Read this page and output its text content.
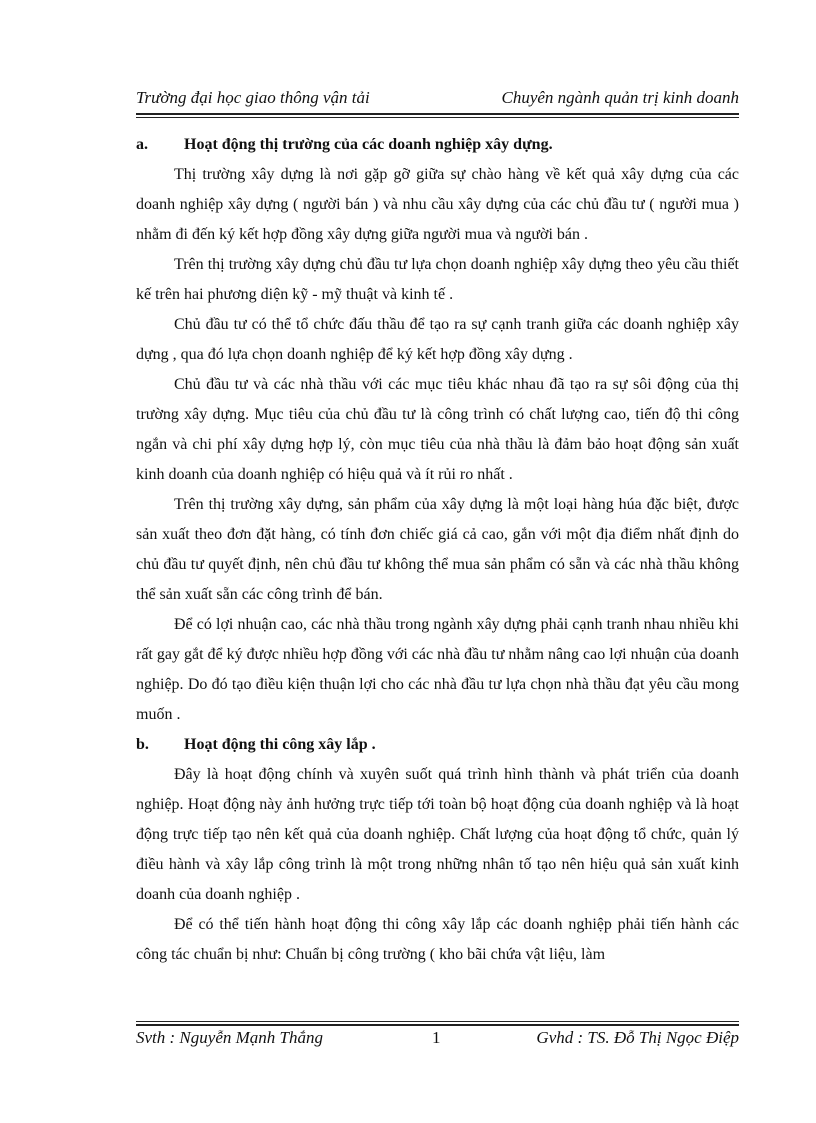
Trường đại học giao thông vận tải	Chuyên ngành quản trị kinh doanh
a. Hoạt động thị trường của các doanh nghiệp xây dựng.

Thị trường xây dựng là nơi gặp gỡ giữa sự chào hàng về kết quả xây dựng của các doanh nghiệp xây dựng ( người bán ) và nhu cầu xây dựng của các chủ đầu tư ( người mua ) nhằm đi đến ký kết hợp đồng xây dựng giữa người mua và người bán .

Trên thị trường xây dựng chủ đầu tư lựa chọn doanh nghiệp xây dựng theo yêu cầu thiết kế trên hai phương diện kỹ - mỹ thuật và kinh tế .

Chủ đầu tư có thể tổ chức đấu thầu để tạo ra sự cạnh tranh giữa các doanh nghiệp xây dựng , qua đó lựa chọn doanh nghiệp để ký kết hợp đồng xây dựng .

Chủ đầu tư và các nhà thầu với các mục tiêu khác nhau đã tạo ra sự sôi động của thị trường xây dựng. Mục tiêu của chủ đầu tư là công trình có chất lượng cao, tiến độ thi công ngắn và chi phí xây dựng hợp lý, còn mục tiêu của nhà thầu là đảm bảo hoạt động sản xuất kinh doanh của doanh nghiệp có hiệu quả và ít rủi ro nhất .

Trên thị trường xây dựng, sản phẩm của xây dựng là một loại hàng húa đặc biệt, được sản xuất theo đơn đặt hàng, có tính đơn chiếc giá cả cao, gắn với một địa điểm nhất định do chủ đầu tư quyết định, nên chủ đầu tư không thể mua sản phẩm có sẵn và các nhà thầu không thể sản xuất sẵn các công trình để bán.

Để có lợi nhuận cao, các nhà thầu trong ngành xây dựng phải cạnh tranh nhau nhiều khi rất gay gắt để ký được nhiều hợp đồng với các nhà đầu tư nhằm nâng cao lợi nhuận của doanh nghiệp. Do đó tạo điều kiện thuận lợi cho các nhà đầu tư lựa chọn nhà thầu đạt yêu cầu mong muốn .

b. Hoạt động thi công xây lắp .

Đây là hoạt động chính và xuyên suốt quá trình hình thành và phát triển của doanh nghiệp. Hoạt động này ảnh hưởng trực tiếp tới toàn bộ hoạt động của doanh nghiệp và là hoạt động trực tiếp tạo nên kết quả của doanh nghiệp. Chất lượng của hoạt động tổ chức, quản lý điều hành và xây lắp công trình là một trong những nhân tố tạo nên hiệu quả sản xuất kinh doanh của doanh nghiệp .

Để có thể tiến hành hoạt động thi công xây lắp các doanh nghiệp phải tiến hành các công tác chuẩn bị như: Chuẩn bị công trường ( kho bãi chứa vật liệu, làm

Svth : Nguyễn Mạnh Thắng	1	Gvhd : TS. Đỗ Thị Ngọc Điệp
